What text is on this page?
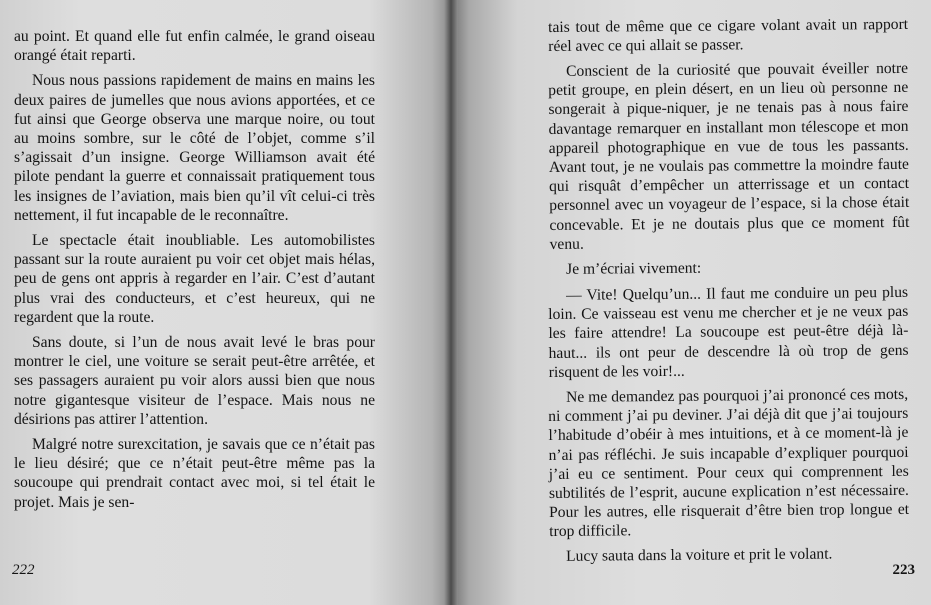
au point. Et quand elle fut enfin calmée, le grand oiseau orangé était reparti.

Nous nous passions rapidement de mains en mains les deux paires de jumelles que nous avions apportées, et ce fut ainsi que George observa une marque noire, ou tout au moins sombre, sur le côté de l’objet, comme s’il s’agissait d’un insigne. George Williamson avait été pilote pendant la guerre et connaissait pratiquement tous les insignes de l’aviation, mais bien qu’il vît celui-ci très nettement, il fut incapable de le reconnaître.

Le spectacle était inoubliable. Les automobilistes passant sur la route auraient pu voir cet objet mais hélas, peu de gens ont appris à regarder en l’air. C’est d’autant plus vrai des conducteurs, et c’est heureux, qui ne regardent que la route.

Sans doute, si l’un de nous avait levé le bras pour montrer le ciel, une voiture se serait peut-être arrêtée, et ses passagers auraient pu voir alors aussi bien que nous notre gigantesque visiteur de l’espace. Mais nous ne désirions pas attirer l’attention.

Malgré notre surexcitation, je savais que ce n’était pas le lieu désiré; que ce n’était peut-être même pas la soucoupe qui prendrait contact avec moi, si tel était le projet. Mais je sen-

222

tais tout de même que ce cigare volant avait un rapport réel avec ce qui allait se passer.

Conscient de la curiosité que pouvait éveiller notre petit groupe, en plein désert, en un lieu où personne ne songerait à pique-niquer, je ne tenais pas à nous faire davantage remarquer en installant mon télescope et mon appareil photographique en vue de tous les passants. Avant tout, je ne voulais pas commettre la moindre faute qui risquât d’empêcher un atterrissage et un contact personnel avec un voyageur de l’espace, si la chose était concevable. Et je ne doutais plus que ce moment fût venu.

Je m’écriai vivement:

— Vite! Quelqu’un... Il faut me conduire un peu plus loin. Ce vaisseau est venu me chercher et je ne veux pas les faire attendre! La soucoupe est peut-être déjà là-haut... ils ont peur de descendre là où trop de gens risquent de les voir!...

Ne me demandez pas pourquoi j’ai prononcé ces mots, ni comment j’ai pu deviner. J’ai déjà dit que j’ai toujours l’habitude d’obéir à mes intuitions, et à ce moment-là je n’ai pas réfléchi. Je suis incapable d’expliquer pourquoi j’ai eu ce sentiment. Pour ceux qui comprennent les subtilités de l’esprit, aucune explication n’est nécessaire. Pour les autres, elle risquerait d’être bien trop longue et trop difficile.

Lucy sauta dans la voiture et prit le volant.

223
